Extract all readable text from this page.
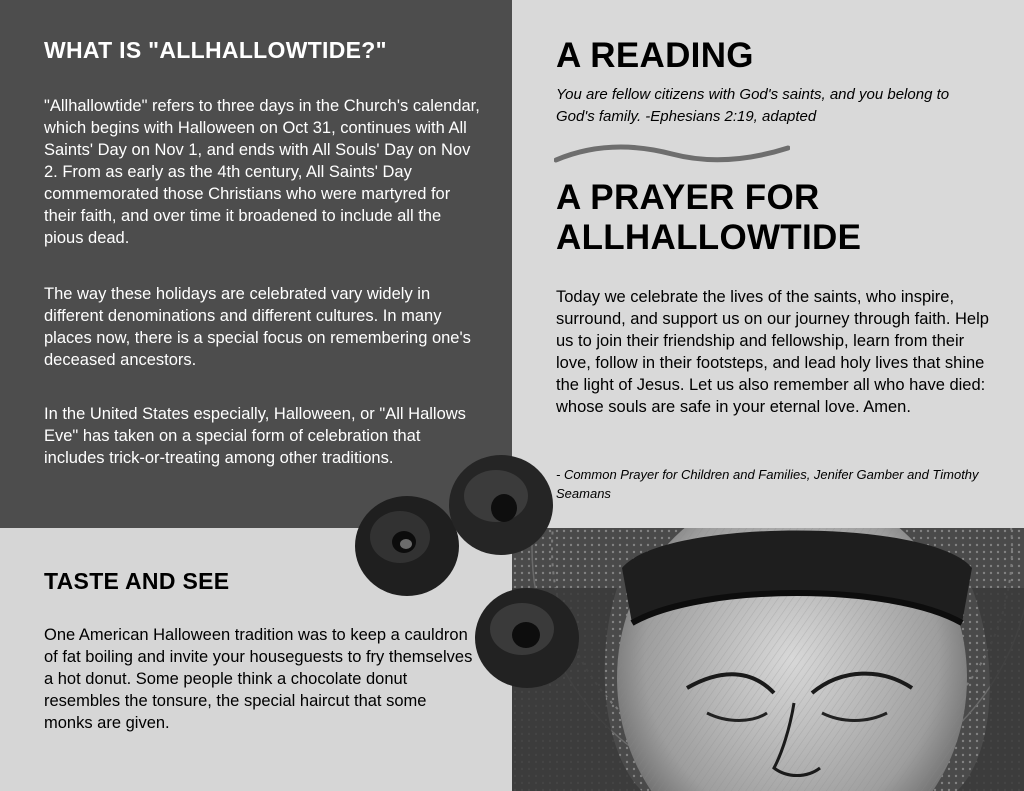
WHAT IS "ALLHALLOWTIDE?"

"Allhallowtide" refers to three days in the Church's calendar, which begins with Halloween on Oct 31, continues with All Saints' Day on Nov 1, and ends with All Souls' Day on Nov 2. From as early as the 4th century, All Saints' Day commemorated those Christians who were martyred for their faith, and over time it broadened to include all the pious dead.

The way these holidays are celebrated vary widely in different denominations and different cultures. In many places now, there is a special focus on remembering one's deceased ancestors.

In the United States especially, Halloween, or "All Hallows Eve" has taken on a special form of celebration that includes trick-or-treating among other traditions.

TASTE AND SEE

One American Halloween tradition was to keep a cauldron of fat boiling and invite your houseguests to fry themselves a hot donut. Some people think a chocolate donut resembles the tonsure, the special haircut that some monks are given.

A READING

You are fellow citizens with God's saints, and you belong to God's family. -Ephesians 2:19, adapted

A PRAYER FOR ALLHALLOWTIDE

Today we celebrate the lives of the saints, who inspire, surround, and support us on our journey through faith. Help us to join their friendship and fellowship, learn from their love, follow in their footsteps, and lead holy lives that shine the light of Jesus. Let us also remember all who have died: whose souls are safe in your eternal love. Amen.

- Common Prayer for Children and Families, Jenifer Gamber and Timothy Seamans
